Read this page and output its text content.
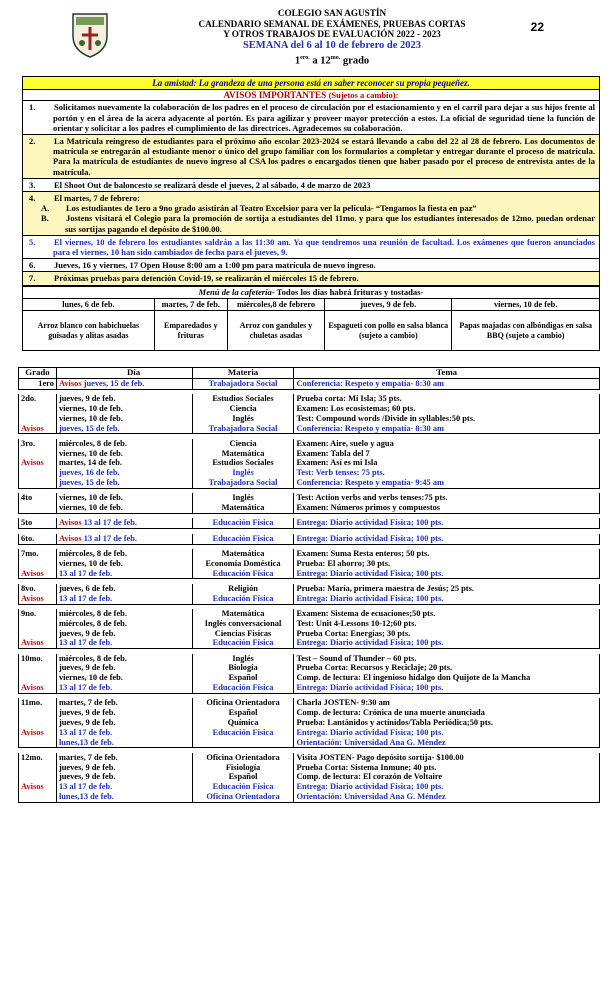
COLEGIO SAN AGUSTÍN
CALENDARIO SEMANAL DE EXÁMENES, PRUEBAS CORTAS
Y OTROS TRABAJOS DE EVALUACIÓN 2022 - 2023
SEMANA del 6 al 10 de febrero de 2023
$1^{ero.}$ a $12^{mo.}$ grado
22
La amistad: La grandeza de una persona está en saber reconocer su propia pequeñez.
AVISOS IMPORTANTES (Sujetos a cambio):

1. Solicitamos nuevamente la colaboración de los padres en el proceso de circulación por el estacionamiento y en el carril para dejar a sus hijos frente al portón y en el área de la acera adyacente al portón. Es para agilizar y proveer mayor protección a estos. La oficial de seguridad tiene la función de orientar y solicitar a los padres el cumplimiento de las directrices. Agradecemos su colaboración.

2. La Matrícula reingreso de estudiantes para el próximo año escolar 2023-2024 se estará llevando a cabo del 22 al 28 de febrero. Los documentos de matrícula se entregarán al estudiante menor o único del grupo familiar con los formularios a completar y entregar durante el proceso de matrícula. Para la matrícula de estudiantes de nuevo ingreso al CSA los padres o encargados tienen que haber pasado por el proceso de entrevista antes de la matrícula.

3. El Shoot Out de baloncesto se realizará desde el jueves, 2 al sábado, 4 de marzo de 2023

4. El martes, 7 de febrero:
A. Los estudiantes de 1ero a 9no grado asistirán al Teatro Excelsior para ver la película- “Tengamos la fiesta en paz”
B. Jostens visitará el Colegio para la promoción de sortija a estudiantes del 11mo. y para que los estudiantes interesados de 12mo. puedan ordenar sus sortijas pagando el depósito de $100.00.

5. El viernes, 10 de febrero los estudiantes saldrán a las 11:30 am. Ya que tendremos una reunión de facultad. Los exámenes que fueron anunciados para el viernes, 10 han sido cambiados de fecha para el jueves, 9.

6. Jueves, 16 y viernes, 17 Open House 8:00 am a 1:00 pm para matrícula de nuevo ingreso.

7. Próximas pruebas para detención Covid-19, se realizarán el miércoles 15 de febrero.
Menú de la cafetería- Todos los días habrá frituras y tostadas-				
lunes, 6 de feb.	martes, 7 de feb.	miércoles,8 de febrero	jueves, 9 de feb.	viernes, 10 de feb.
Arroz blanco con habichuelas guisadas y alitas asadas	Emparedados y frituras	Arroz con gandules y chuletas asadas	Espagueti con pollo en salsa blanca (sujeto a cambio)	Papas majadas con albóndigas en salsa BBQ (sujeto a cambio)
Grado	Día	Materia	Tema
1ero	Avisos jueves, 15 de feb.	Trabajadora Social	Conferencia: Respeto y empatía- 8:30 am

2do.	jueves, 9 de feb.	Estudios Sociales	Prueba corta: Mi Isla; 35 pts.
	viernes, 10 de feb.	Ciencia	Examen: Los ecosistemas; 60 pts.
	viernes, 10 de feb.	Inglés	Test: Compound words /Divide in syllables:50 pts.
Avisos	jueves, 15 de feb.	Trabajadora Social	Conferencia: Respeto y empatía- 8:30 am

3ro.	miércoles, 8 de feb.	Ciencia	Examen: Aire, suelo y agua
	viernes, 10 de feb.	Matemática	Examen: Tabla del 7
Avisos	martes, 14 de feb.	Estudios Sociales	Examen: Así es mi Isla
	jueves, 16 de feb.	Inglés	Test: Verb tenses: 75 pts.
	jueves, 15 de feb.	Trabajadora Social	Conferencia: Respeto y empatía- 9:45 am

4to	viernes, 10 de feb.	Inglés	Test: Action verbs and verbs tenses:75 pts.
	viernes, 10 de feb.	Matemática	Examen: Números primos y compuestos

5to	Avisos 13 al 17 de feb.	Educación Física	Entrega: Diario actividad Física; 100 pts.

6to.	Avisos 13 al 17 de feb.	Educación Física	Entrega: Diario actividad Física; 100 pts.

7mo.	miércoles, 8 de feb.	Matemática	Examen: Suma Resta enteros; 50 pts.
	viernes, 10 de feb.	Economía Doméstica	Prueba: El ahorro; 30 pts.
Avisos	13 al 17 de feb.	Educación Física	Entrega: Diario actividad Física; 100 pts.

8vo.	jueves, 6 de feb.	Religión	Prueba: María, primera maestra de Jesús; 25 pts.
Avisos	13 al 17 de feb.	Educación Física	Entrega: Diario actividad Física; 100 pts.

9no.	miércoles, 8 de feb.	Matemática	Examen: Sistema de ecuaciones;50 pts.
	miércoles, 8 de feb.	Inglés conversacional	Test: Unit 4-Lessons 10-12;60 pts.
	jueves, 9 de feb.	Ciencias Físicas	Prueba Corta: Energías; 30 pts.
Avisos	13 al 17 de feb.	Educación Física	Entrega: Diario actividad Física; 100 pts.

10mo.	miércoles, 8 de feb.	Inglés	Test – Sound of Thunder – 60 pts.
	jueves, 9 de feb.	Biología	Prueba Corta: Recursos y Reciclaje; 20 pts.
	viernes, 10 de feb.	Español	Comp. de lectura: El ingenioso hidalgo don Quijote de la Mancha
Avisos	13 al 17 de feb.	Educación Física	Entrega: Diario actividad Física; 100 pts.

11mo.	martes, 7 de feb.	Oficina Orientadora	Charla JOSTEN- 9:30 am
	jueves, 9 de feb.	Español	Comp. de lectura: Crónica de una muerte anunciada
	jueves, 9 de feb.	Química	Prueba: Lantánidos y actínidos/Tabla Periódica;50 pts.
Avisos	13 al 17 de feb.	Educación Física	Entrega: Diario actividad Física; 100 pts.
	lunes,13 de feb.		Orientación: Universidad Ana G. Méndez

12mo.	martes, 7 de feb.	Oficina Orientadora	Visita JOSTEN- Pago depósito sortija- $100.00
	jueves, 9 de feb.	Fisiología	Prueba Corta: Sistema Inmune; 40 pts.
	jueves, 9 de feb.	Español	Comp. de lectura: El corazón de Voltaire
Avisos	13 al 17 de feb.	Educación Física	Entrega: Diario actividad Física; 100 pts.
	lunes,13 de feb.	Oficina Orientadora	Orientación: Universidad Ana G. Méndez
